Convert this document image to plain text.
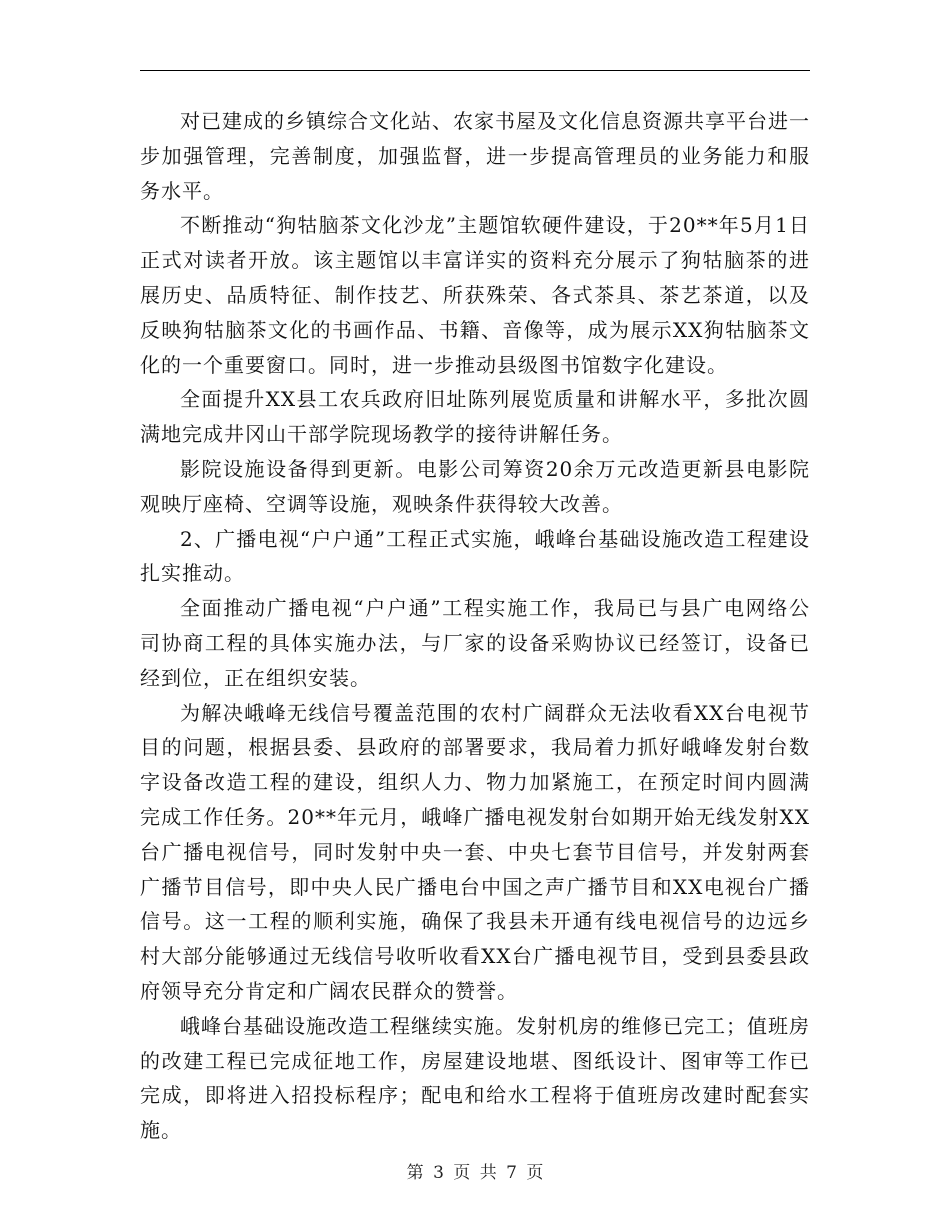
对已建成的乡镇综合文化站、农家书屋及文化信息资源共享平台进一步加强管理，完善制度，加强监督，进一步提高管理员的业务能力和服务水平。

不断推动“狗牯脑茶文化沙龙”主题馆软硬件建设，于20**年5月1日正式对读者开放。该主题馆以丰富详实的资料充分展示了狗牯脑茶的进展历史、品质特征、制作技艺、所获殊荣、各式茶具、茶艺茶道，以及反映狗牯脑茶文化的书画作品、书籍、音像等，成为展示XX狗牯脑茶文化的一个重要窗口。同时，进一步推动县级图书馆数字化建设。

全面提升XX县工农兵政府旧址陈列展览质量和讲解水平，多批次圆满地完成井冈山干部学院现场教学的接待讲解任务。

影院设施设备得到更新。电影公司筹资20余万元改造更新县电影院观映厅座椅、空调等设施，观映条件获得较大改善。

2、广播电视“户户通”工程正式实施，峨峰台基础设施改造工程建设扎实推动。

全面推动广播电视“户户通”工程实施工作，我局已与县广电网络公司协商工程的具体实施办法，与厂家的设备采购协议已经签订，设备已经到位，正在组织安装。

为解决峨峰无线信号覆盖范围的农村广阔群众无法收看XX台电视节目的问题，根据县委、县政府的部署要求，我局着力抓好峨峰发射台数字设备改造工程的建设，组织人力、物力加紧施工，在预定时间内圆满完成工作任务。20**年元月，峨峰广播电视发射台如期开始无线发射XX台广播电视信号，同时发射中央一套、中央七套节目信号，并发射两套广播节目信号，即中央人民广播电台中国之声广播节目和XX电视台广播信号。这一工程的顺利实施，确保了我县未开通有线电视信号的边远乡村大部分能够通过无线信号收听收看XX台广播电视节目，受到县委县政府领导充分肯定和广阔农民群众的赞誉。

峨峰台基础设施改造工程继续实施。发射机房的维修已完工；值班房的改建工程已完成征地工作，房屋建设地堪、图纸设计、图审等工作已完成，即将进入招投标程序；配电和给水工程将于值班房改建时配套实施。

第 3 页 共 7 页
